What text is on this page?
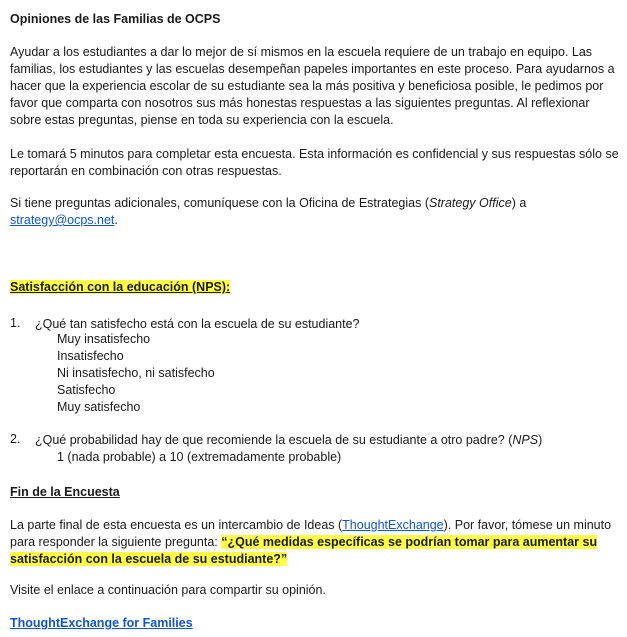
Opiniones de las Familias de OCPS

Ayudar a los estudiantes a dar lo mejor de sí mismos en la escuela requiere de un trabajo en equipo. Las familias, los estudiantes y las escuelas desempeñan papeles importantes en este proceso. Para ayudarnos a hacer que la experiencia escolar de su estudiante sea la más positiva y beneficiosa posible, le pedimos por favor que comparta con nosotros sus más honestas respuestas a las siguientes preguntas. Al reflexionar sobre estas preguntas, piense en toda su experiencia con la escuela.

Le tomará 5 minutos para completar esta encuesta. Esta información es confidencial y sus respuestas sólo se reportarán en combinación con otras respuestas.

Si tiene preguntas adicionales, comuníquese con la Oficina de Estrategias (Strategy Office) a
strategy@ocps.net.

Satisfacción con la educación (NPS):

1. ¿Qué tan satisfecho está con la escuela de su estudiante?
Muy insatisfecho
Insatisfecho
Ni insatisfecho, ni satisfecho
Satisfecho
Muy satisfecho
2. ¿Qué probabilidad hay de que recomiende la escuela de su estudiante a otro padre? (NPS)
1 (nada probable) a 10 (extremadamente probable)

Fin de la Encuesta

La parte final de esta encuesta es un intercambio de Ideas (ThoughtExchange). Por favor, tómese un minuto para responder la siguiente pregunta: “¿Qué medidas específicas se podrían tomar para aumentar su satisfacción con la escuela de su estudiante?”

Visite el enlace a continuación para compartir su opinión.

ThoughtExchange for Families
